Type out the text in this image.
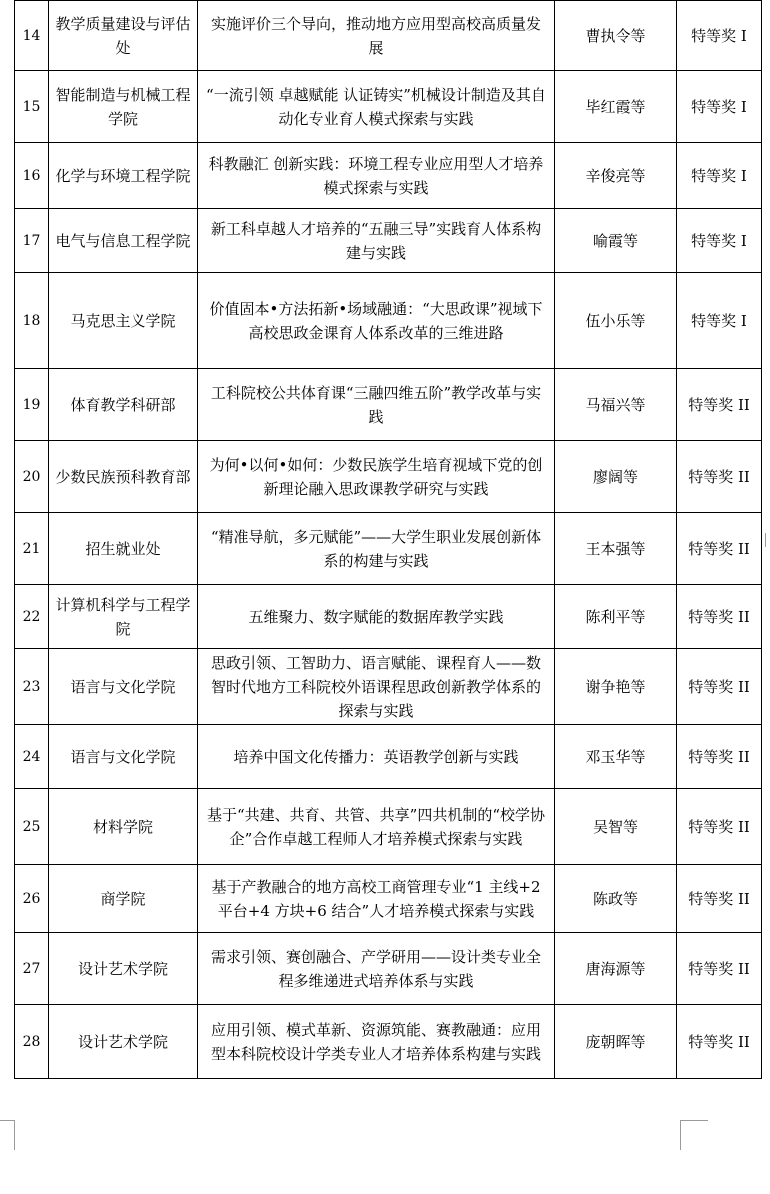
14	教学质量建设与评估处	实施评价三个导向，推动地方应用型高校高质量发展	曹执令等	特等奖 I
15	智能制造与机械工程学院	“一流引领 卓越赋能 认证铸实”机械设计制造及其自动化专业育人模式探索与实践	毕红霞等	特等奖 I
16	化学与环境工程学院	科教融汇 创新实践：环境工程专业应用型人才培养模式探索与实践	辛俊亮等	特等奖 I
17	电气与信息工程学院	新工科卓越人才培养的“五融三导”实践育人体系构建与实践	喻霞等	特等奖 I
18	马克思主义学院	价值固本•方法拓新•场域融通：“大思政课”视域下高校思政金课育人体系改革的三维进路	伍小乐等	特等奖 I
19	体育教学科研部	工科院校公共体育课“三融四维五阶”教学改革与实践	马福兴等	特等奖 II
20	少数民族预科教育部	为何•以何•如何：少数民族学生培育视域下党的创新理论融入思政课教学研究与实践	廖阔等	特等奖 II
21	招生就业处	“精准导航，多元赋能”——大学生职业发展创新体系的构建与实践	王本强等	特等奖 II
22	计算机科学与工程学院	五维聚力、数字赋能的数据库教学实践	陈利平等	特等奖 II
23	语言与文化学院	思政引领、工智助力、语言赋能、课程育人——数智时代地方工科院校外语课程思政创新教学体系的探索与实践	谢争艳等	特等奖 II
24	语言与文化学院	培养中国文化传播力：英语教学创新与实践	邓玉华等	特等奖 II
25	材料学院	基于“共建、共育、共管、共享”四共机制的“校学协企”合作卓越工程师人才培养模式探索与实践	吴智等	特等奖 II
26	商学院	基于产教融合的地方高校工商管理专业“1 主线+2 平台+4 方块+6 结合”人才培养模式探索与实践	陈政等	特等奖 II
27	设计艺术学院	需求引领、赛创融合、产学研用——设计类专业全程多维递进式培养体系与实践	唐海源等	特等奖 II
28	设计艺术学院	应用引领、模式革新、资源筑能、赛教融通：应用型本科院校设计学类专业人才培养体系构建与实践	庞朝晖等	特等奖 II
